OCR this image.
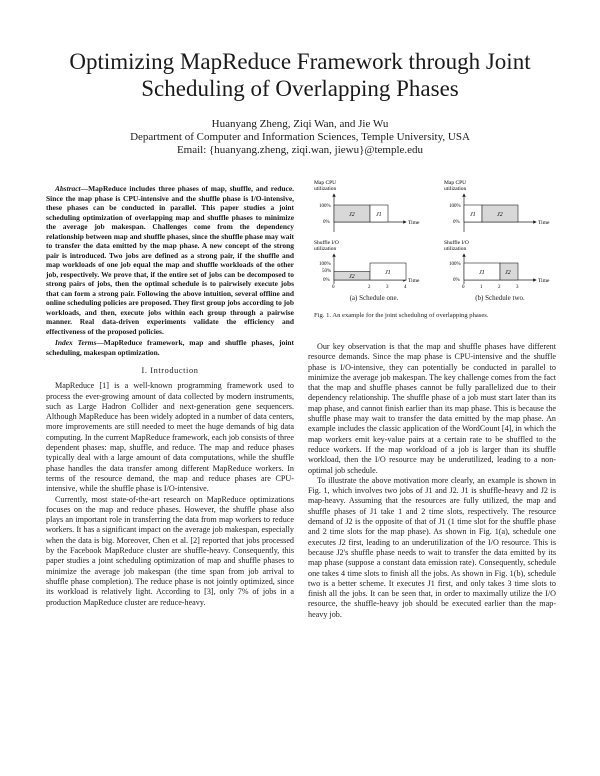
Optimizing MapReduce Framework through Joint Scheduling of Overlapping Phases
Huanyang Zheng, Ziqi Wan, and Jie Wu
Department of Computer and Information Sciences, Temple University, USA
Email: {huanyang.zheng, ziqi.wan, jiewu}@temple.edu

Abstract—MapReduce includes three phases of map, shuffle, and reduce. Since the map phase is CPU-intensive and the shuffle phase is I/O-intensive, these phases can be conducted in parallel. This paper studies a joint scheduling optimization of overlapping map and shuffle phases to minimize the average job makespan. Challenges come from the dependency relationship between map and shuffle phases, since the shuffle phase may wait to transfer the data emitted by the map phase. A new concept of the strong pair is introduced. Two jobs are defined as a strong pair, if the shuffle and map workloads of one job equal the map and shuffle workloads of the other job, respectively. We prove that, if the entire set of jobs can be decomposed to strong pairs of jobs, then the optimal schedule is to pairwisely execute jobs that can form a strong pair. Following the above intuition, several offline and online scheduling policies are proposed. They first group jobs according to job workloads, and then, execute jobs within each group through a pairwise manner. Real data-driven experiments validate the efficiency and effectiveness of the proposed policies.

Index Terms—MapReduce framework, map and shuffle phases, joint scheduling, makespan optimization.

I. Introduction

MapReduce [1] is a well-known programming framework used to process the ever-growing amount of data collected by modern instruments, such as Large Hadron Collider and next-generation gene sequencers. Although MapReduce has been widely adopted in a number of data centers, more improvements are still needed to meet the huge demands of big data computing. In the current MapReduce framework, each job consists of three dependent phases: map, shuffle, and reduce. The map and reduce phases typically deal with a large amount of data computations, while the shuffle phase handles the data transfer among different MapReduce workers. In terms of the resource demand, the map and reduce phases are CPU-intensive, while the shuffle phase is I/O-intensive.

Currently, most state-of-the-art research on MapReduce optimizations focuses on the map and reduce phases. However, the shuffle phase also plays an important role in transferring the data from map workers to reduce workers. It has a significant impact on the average job makespan, especially when the data is big. Moreover, Chen et al. [2] reported that jobs processed by the Facebook MapReduce cluster are shuffle-heavy. Consequently, this paper studies a joint scheduling optimization of map and shuffle phases to minimize the average job makespan (the time span from job arrival to shuffle phase completion). The reduce phase is not jointly optimized, since its workload is relatively light. According to [3], only 7% of jobs in a production MapReduce cluster are reduce-heavy.

Map CPU
utilization
Time
100%
0%
J2	J1
Shuffle I/O
utilization
Time
100%
50%
0%
J2
J1
0	2	3	4
Map CPU
utilization
Time
100%
0%
J1	J2
Shuffle I/O
utilization
Time
100%
0%
J1	J2
0	1	2	3
(a) Schedule one.	(b) Schedule two.
Fig. 1. An example for the joint scheduling of overlapping phases.

Our key observation is that the map and shuffle phases have different resource demands. Since the map phase is CPU-intensive and the shuffle phase is I/O-intensive, they can potentially be conducted in parallel to minimize the average job makespan. The key challenge comes from the fact that the map and shuffle phases cannot be fully parallelized due to their dependency relationship. The shuffle phase of a job must start later than its map phase, and cannot finish earlier than its map phase. This is because the shuffle phase may wait to transfer the data emitted by the map phase. An example includes the classic application of the WordCount [4], in which the map workers emit key-value pairs at a certain rate to be shuffled to the reduce workers. If the map workload of a job is larger than its shuffle workload, then the I/O resource may be underutilized, leading to a non-optimal job schedule.

To illustrate the above motivation more clearly, an example is shown in Fig. 1, which involves two jobs of J1 and J2. J1 is shuffle-heavy and J2 is map-heavy. Assuming that the resources are fully utilized, the map and shuffle phases of J1 take 1 and 2 time slots, respectively. The resource demand of J2 is the opposite of that of J1 (1 time slot for the shuffle phase and 2 time slots for the map phase). As shown in Fig. 1(a), schedule one executes J2 first, leading to an underutilization of the I/O resource. This is because J2's shuffle phase needs to wait to transfer the data emitted by its map phase (suppose a constant data emission rate). Consequently, schedule one takes 4 time slots to finish all the jobs. As shown in Fig. 1(b), schedule two is a better scheme. It executes J1 first, and only takes 3 time slots to finish all the jobs. It can be seen that, in order to maximally utilize the I/O resource, the shuffle-heavy job should be executed earlier than the map-heavy job.
